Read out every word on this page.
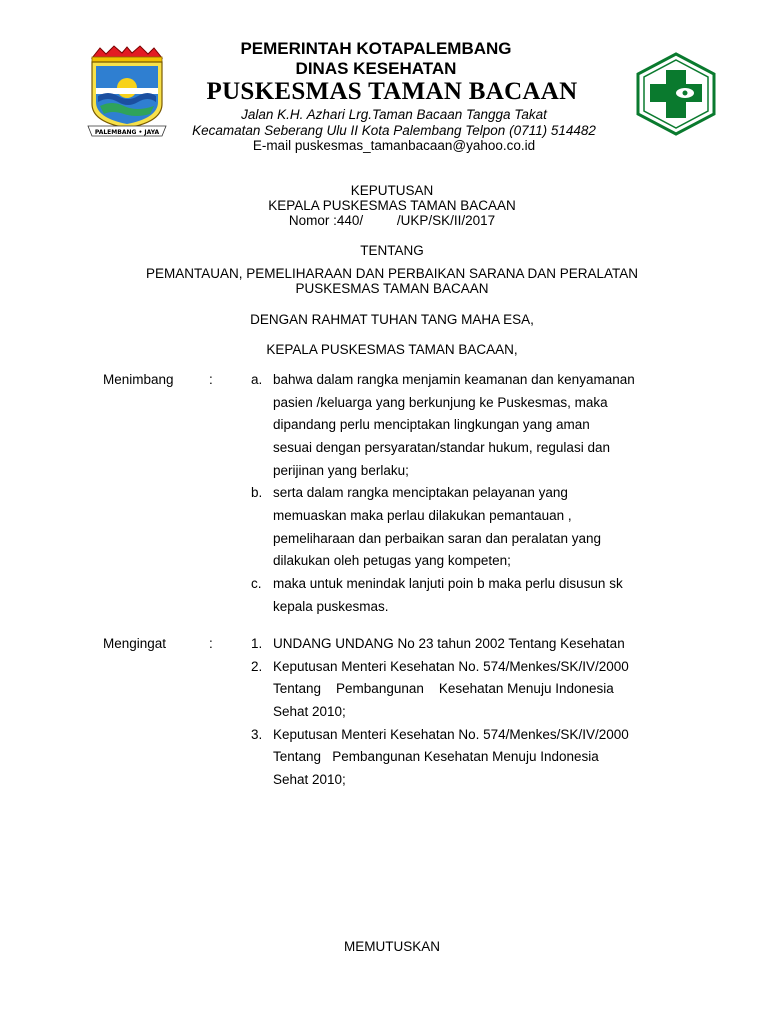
PALEMBANG • JAYA
PEMERINTAH KOTAPALEMBANG
DINAS KESEHATAN
PUSKESMAS TAMAN BACAAN
Jalan K.H. Azhari Lrg.Taman Bacaan Tangga Takat
Kecamatan Seberang Ulu II Kota Palembang Telpon (0711) 514482
E-mail puskesmas_tamanbacaan@yahoo.co.id
KEPUTUSAN
KEPALA PUSKESMAS TAMAN BACAAN
Nomor :440/         /UKP/SK/II/2017
TENTANG
PEMANTAUAN, PEMELIHARAAN DAN PERBAIKAN SARANA DAN PERALATAN
PUSKESMAS TAMAN BACAAN
DENGAN RAHMAT TUHAN TANG MAHA ESA,
KEPALA PUSKESMAS TAMAN BACAAN,
Menimbang	:	a. bahwa dalam rangka menjamin keamanan dan kenyamanan
pasien /keluarga yang berkunjung ke Puskesmas, maka
dipandang perlu menciptakan lingkungan yang aman
sesuai dengan persyaratan/standar hukum, regulasi dan
perijinan yang berlaku;
b. serta dalam rangka menciptakan pelayanan yang
memuaskan maka perlau dilakukan pemantauan ,
pemeliharaan dan perbaikan saran dan peralatan yang
dilakukan oleh petugas yang kompeten;
c. maka untuk menindak lanjuti poin b maka perlu disusun sk
kepala puskesmas.
Mengingat	:	1. UNDANG UNDANG No 23 tahun 2002 Tentang Kesehatan
2. Keputusan Menteri Kesehatan No. 574/Menkes/SK/IV/2000
Tentang    Pembangunan    Kesehatan Menuju Indonesia
Sehat 2010;
3. Keputusan Menteri Kesehatan No. 574/Menkes/SK/IV/2000
Tentang   Pembangunan Kesehatan Menuju Indonesia
Sehat 2010;
MEMUTUSKAN
